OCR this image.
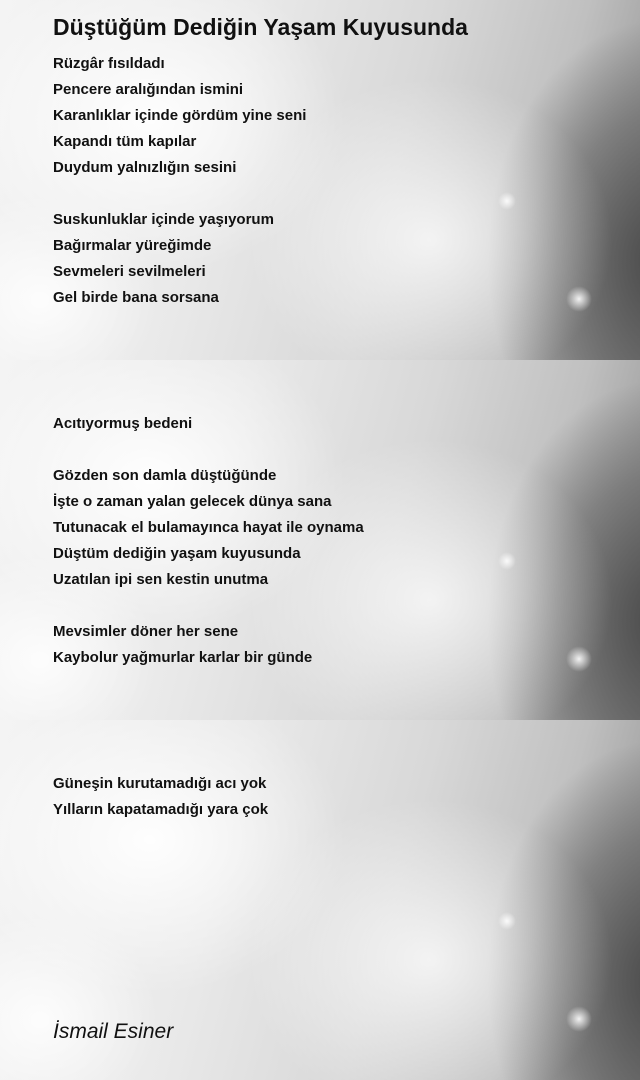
Düştüğüm Dediğin Yaşam Kuyusunda
Rüzgâr fısıldadı
Pencere aralığından ismini
Karanlıklar içinde gördüm yine seni
Kapandı tüm kapılar
Duydum yalnızlığın sesini
Suskunluklar içinde yaşıyorum
Bağırmalar yüreğimde
Sevmeleri sevilmeleri
Gel birde bana sorsana
Acıtıyormuş bedeni
Gözden son damla düştüğünde
İşte o zaman yalan gelecek dünya sana
Tutunacak el bulamayınca hayat ile oynama
Düştüm dediğin yaşam kuyusunda
Uzatılan ipi sen kestin unutma
Mevsimler döner her sene
Kaybolur yağmurlar karlar bir günde
Güneşin kurutamadığı acı yok
Yılların kapatamadığı yara çok
İsmail Esiner
